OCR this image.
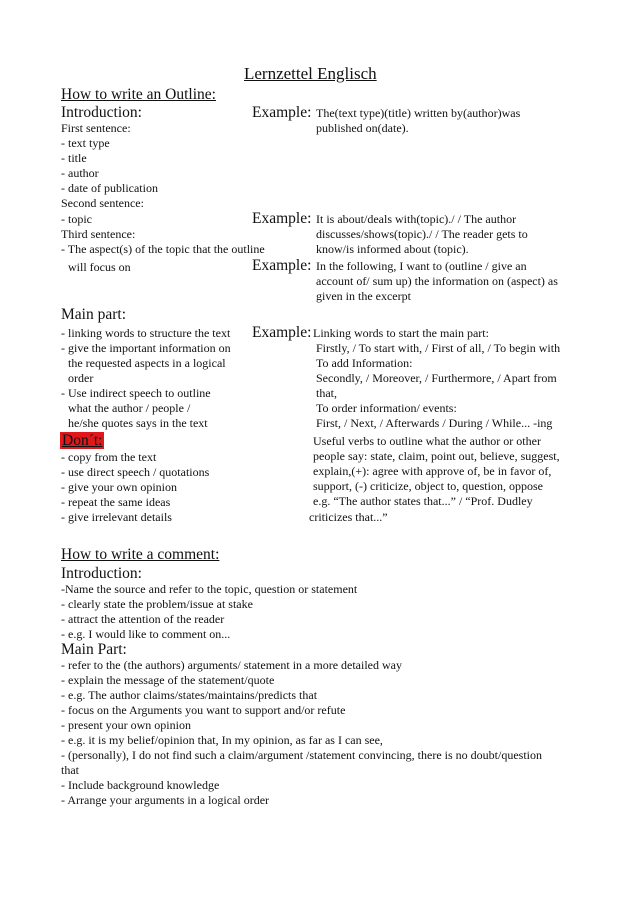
Lernzettel Englisch
How to write an Outline:
Introduction:
First sentence:
- text type
- title
- author
- date of publication
Second sentence:
- topic
Third sentence:
- The aspect(s) of the topic that the outline
will focus on
Example: The(text type)(title) written by(author)was
published on(date).
Example: It is about/deals with(topic)./ / The author
discusses/shows(topic)./ / The reader gets to
know/is informed about (topic).
Example: In the following, I want to (outline / give an
account of/ sum up) the information on (aspect) as
given in the excerpt
Main part:
- linking words to structure the text
- give the important information on
the requested aspects in a logical
order
- Use indirect speech to outline
what the author / people /
he/she quotes says in the text
Example: Linking words to start the main part:
Firstly, / To start with, / First of all, / To begin with
To add Information:
Secondly, / Moreover, / Furthermore, / Apart from
that,
To order information/ events:
First, / Next, / Afterwards / During / While... -ing
Useful verbs to outline what the author or other
people say: state, claim, point out, believe, suggest,
explain,(+): agree with approve of, be in favor of,
support, (-) criticize, object to, question, oppose
e.g. “The author states that...” / “Prof. Dudley
criticizes that...”
Don´t:
- copy from the text
- use direct speech / quotations
- give your own opinion
- repeat the same ideas
- give irrelevant details
How to write a comment:
Introduction:
-Name the source and refer to the topic, question or statement
- clearly state the problem/issue at stake
- attract the attention of the reader
- e.g. I would like to comment on...
Main Part:
- refer to the (the authors) arguments/ statement in a more detailed way
- explain the message of the statement/quote
- e.g. The author claims/states/maintains/predicts that
- focus on the Arguments you want to support and/or refute
- present your own opinion
- e.g. it is my belief/opinion that, In my opinion, as far as I can see,
- (personally), I do not find such a claim/argument /statement convincing, there is no doubt/question
that
- Include background knowledge
- Arrange your arguments in a logical order
